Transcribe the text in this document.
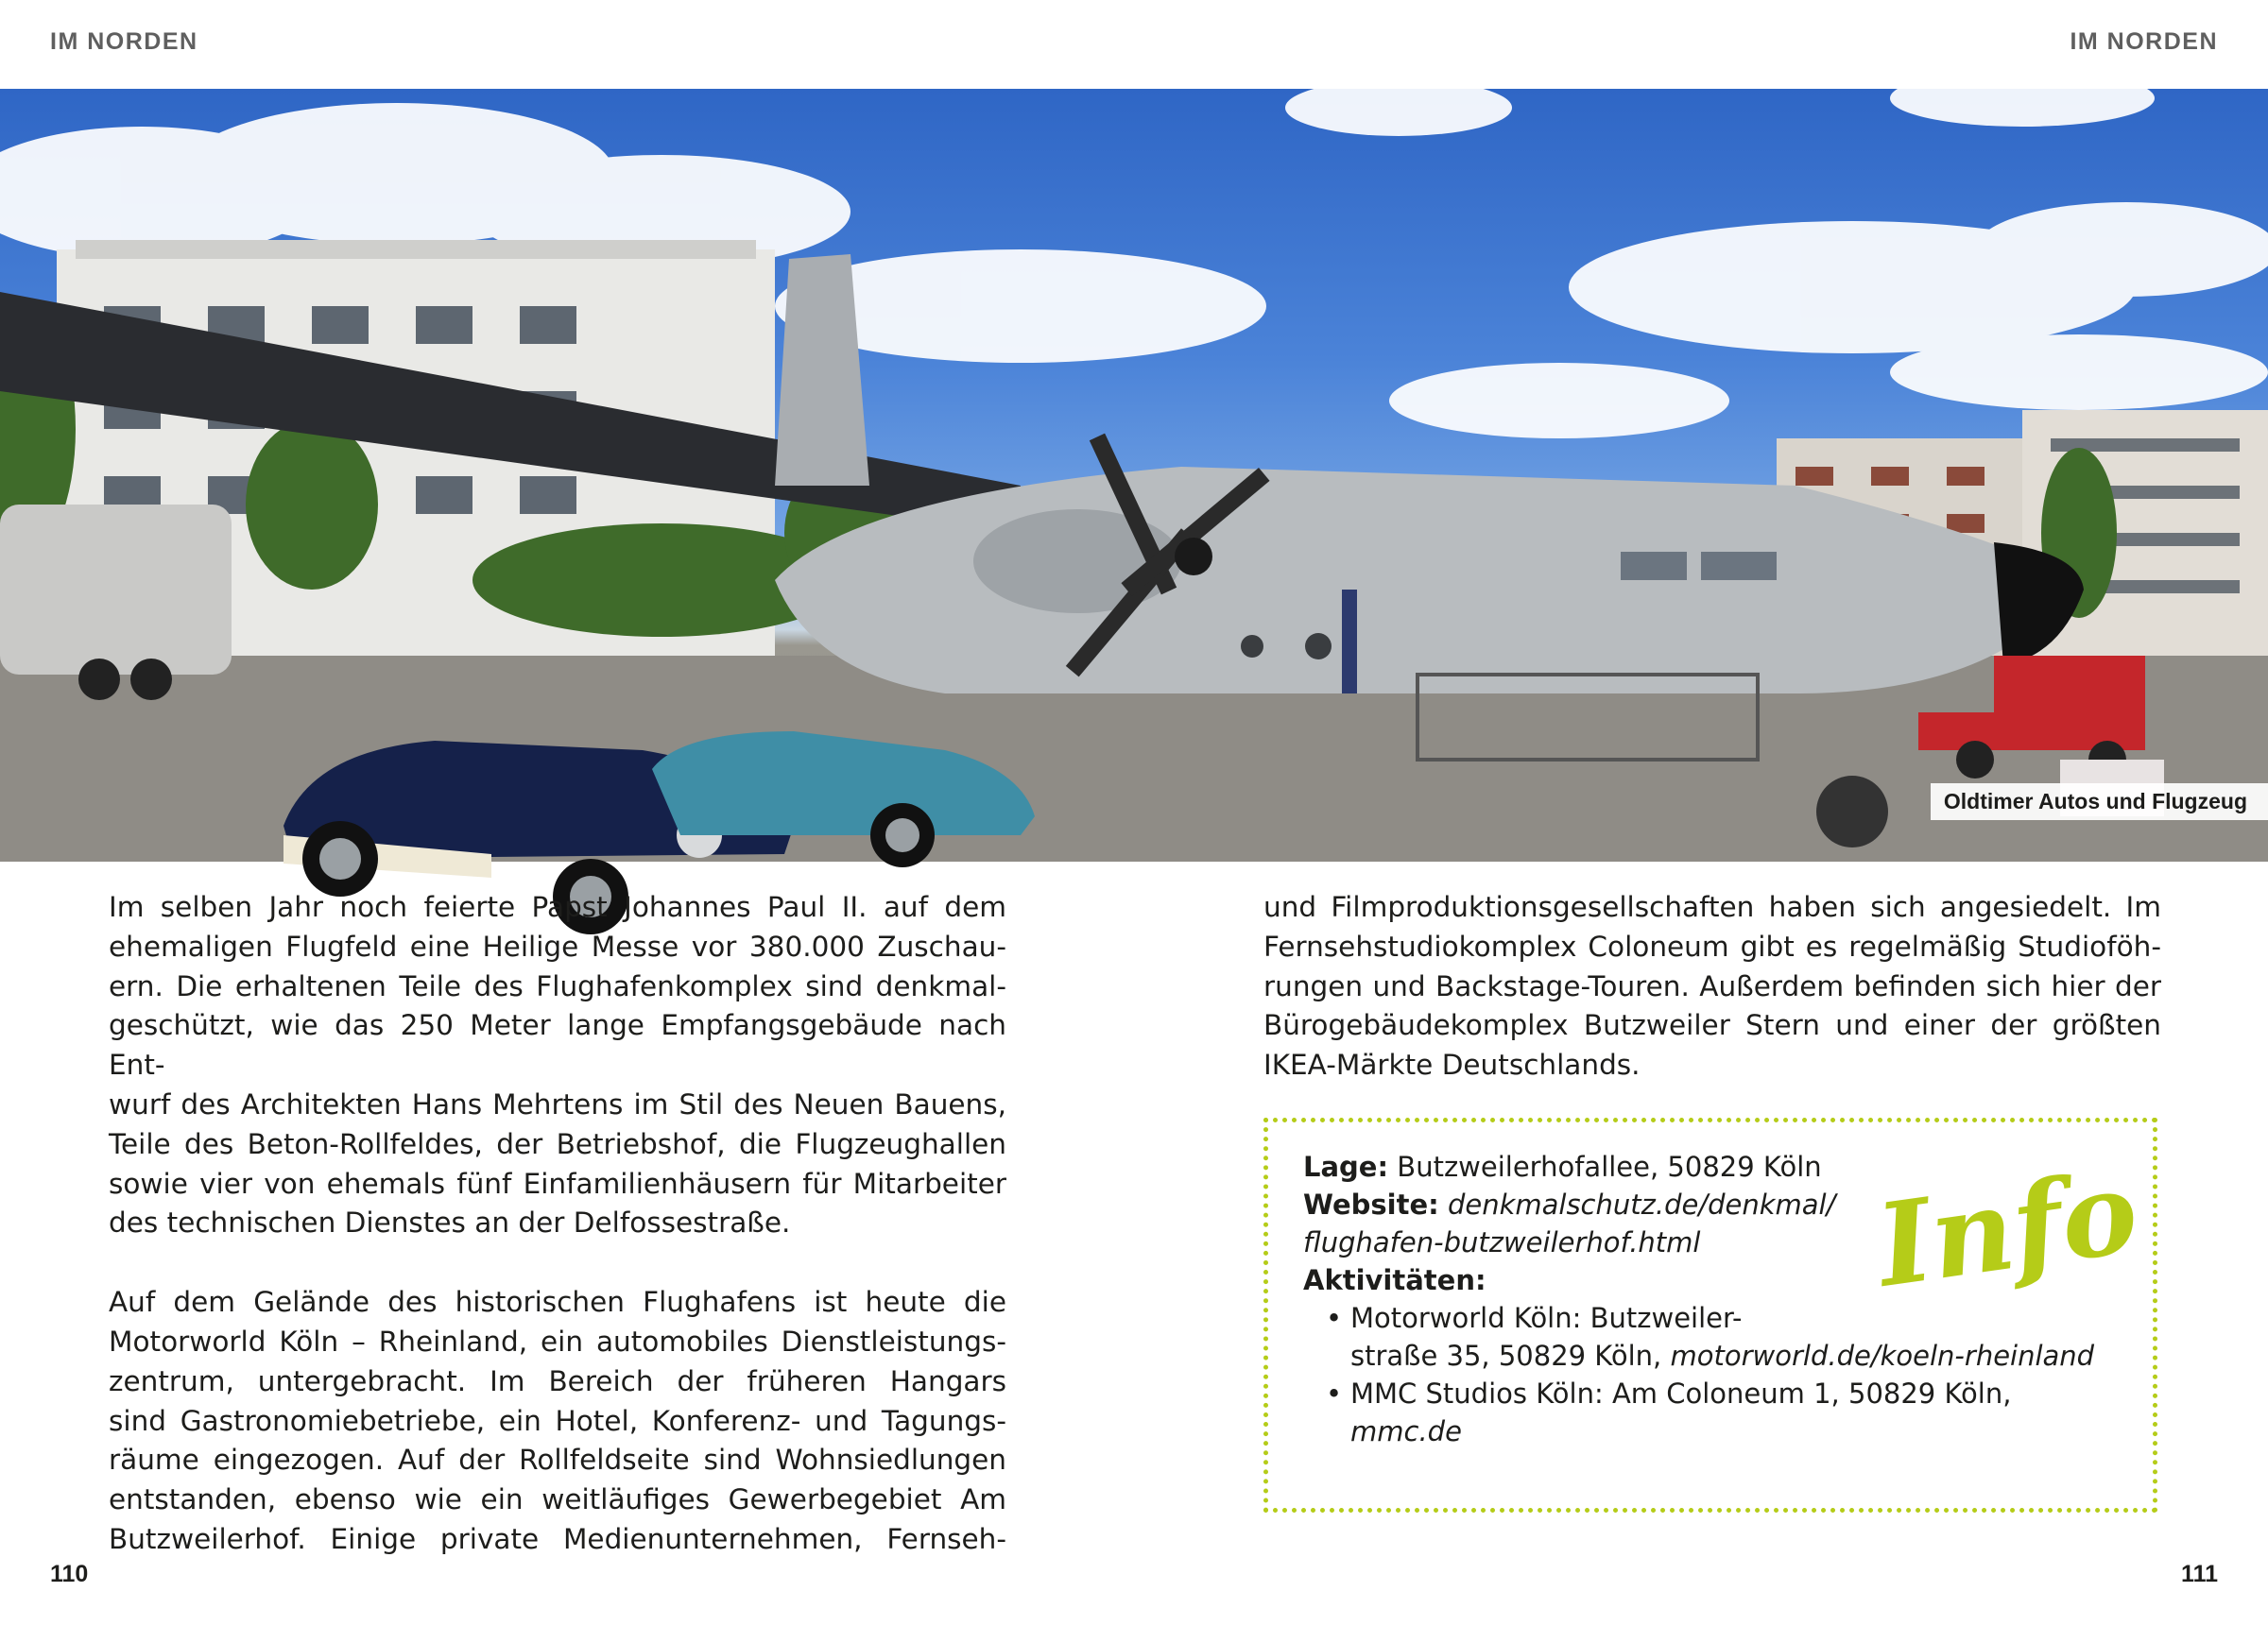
IM NORDEN	IM NORDEN
Oldtimer Autos und Flugzeug

Im selben Jahr noch feierte Papst Johannes Paul II. auf dem

ehemaligen Flugfeld eine Heilige Messe vor 380.000 Zuschau-

ern. Die erhaltenen Teile des Flughafenkomplex sind denkmal-

geschützt, wie das 250 Meter lange Empfangsgebäude nach Ent-

wurf des Architekten Hans Mehrtens im Stil des Neuen Bauens,

Teile des Beton-Rollfeldes, der Betriebshof, die Flugzeughallen

sowie vier von ehemals fünf Einfamilienhäusern für Mitarbeiter

des technischen Dienstes an der Delfossestraße.

Auf dem Gelände des historischen Flughafens ist heute die

Motorworld Köln – Rheinland, ein automobiles Dienstleistungs-

zentrum, untergebracht. Im Bereich der früheren Hangars

sind Gastronomiebetriebe, ein Hotel, Konferenz- und Tagungs-

räume eingezogen. Auf der Rollfeldseite sind Wohnsiedlungen

entstanden, ebenso wie ein weitläufiges Gewerbegebiet Am

Butzweilerhof. Einige private Medienunternehmen, Fernseh-

und Filmproduktionsgesellschaften haben sich angesiedelt. Im

Fernsehstudiokomplex Coloneum gibt es regelmäßig Studioföh-

rungen und Backstage-Touren. Außerdem befinden sich hier der

Bürogebäudekomplex Butzweiler Stern und einer der größten

IKEA-Märkte Deutschlands.

Info
Lage: Butzweilerhofallee, 50829 Köln
Website: denkmalschutz.de/denkmal/
flughafen-butzweilerhof.html
Aktivitäten:
• Motorworld Köln: Butzweiler-
straße 35, 50829 Köln, motorworld.de/koeln-rheinland
• MMC Studios Köln: Am Coloneum 1, 50829 Köln,
mmc.de
110	111
